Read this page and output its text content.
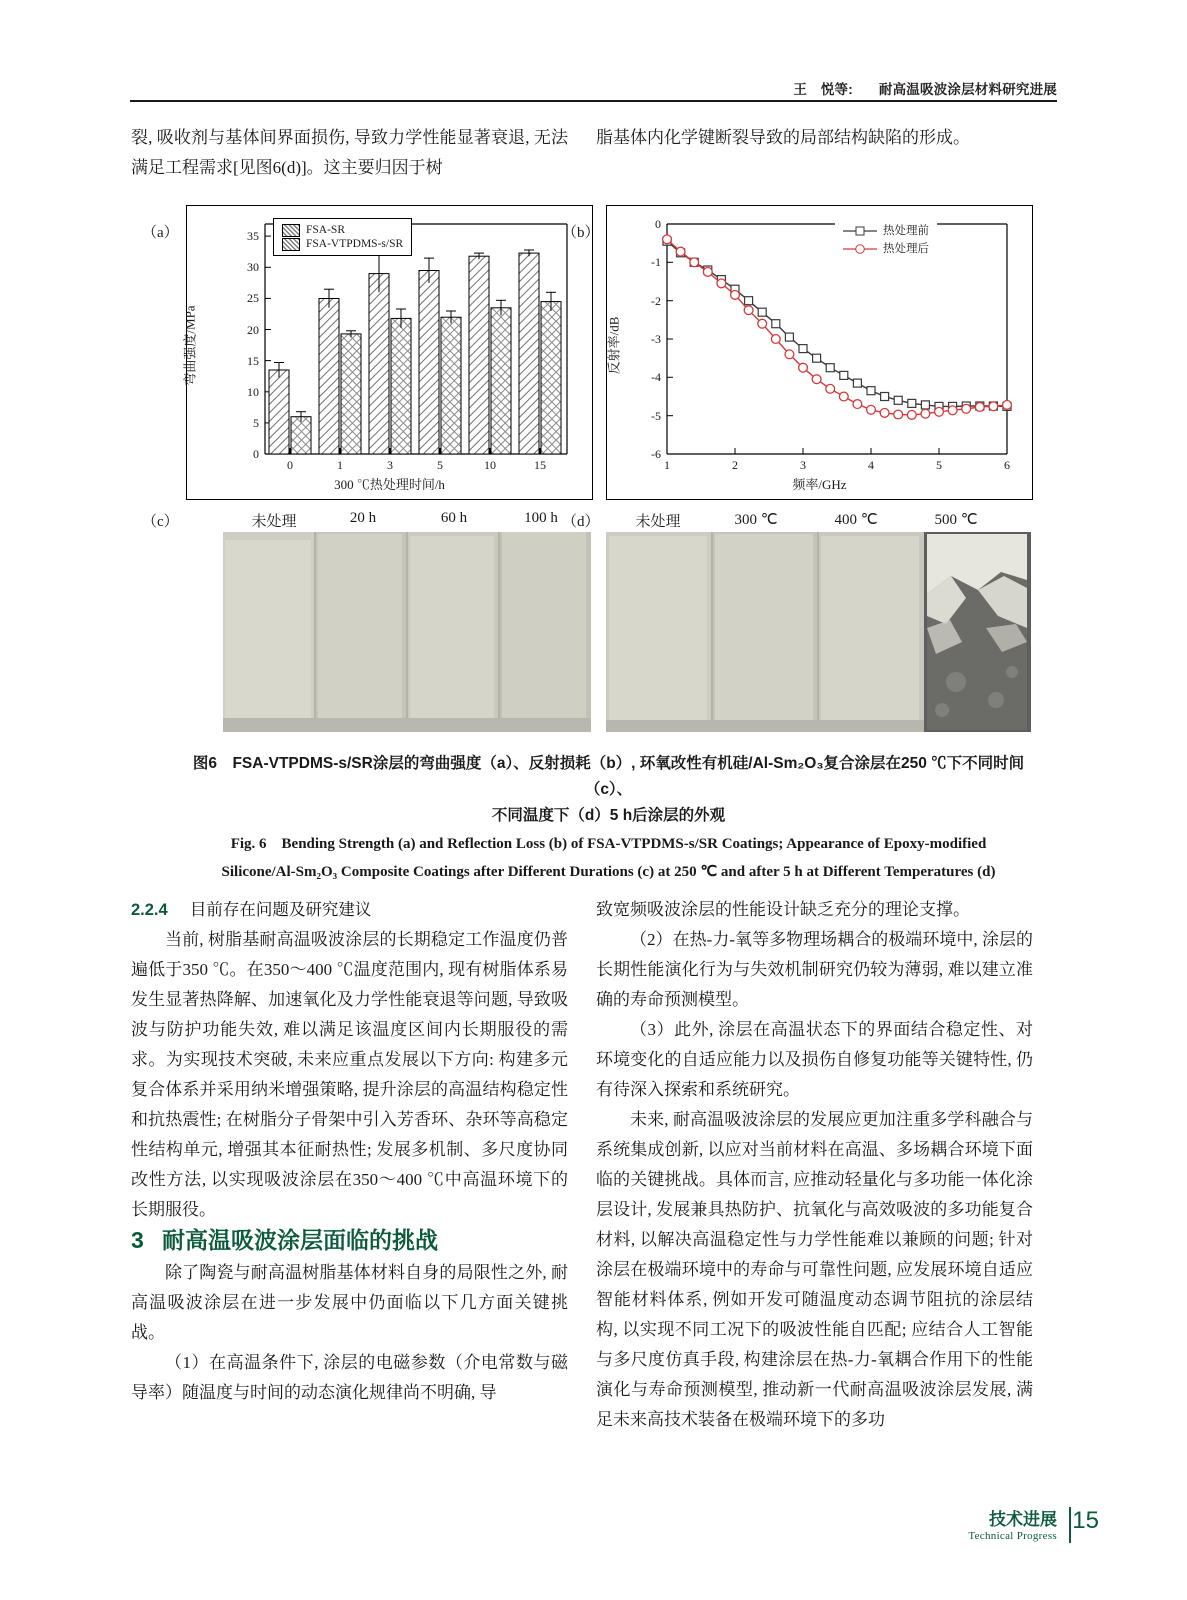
王　悦等: 耐高温吸波涂层材料研究进展

裂, 吸收剂与基体间界面损伤, 导致力学性能显著衰退, 无法满足工程需求[见图6(d)]。这主要归因于树

脂基体内化学键断裂导致的局部结构缺陷的形成。

（a）
弯曲强度/MPa
300 ℃热处理时间/h
0
5
10
15
20
25
30
35
0	1	3	5	10	15
FSA-SR
FSA-VTPDMS-s/SR
（b）
反射率/dB
频率/GHz
-6
-5
-4
-3
-2
-1
0
1	2	3	4	5	6
热处理前
热处理后
（c）	（d）
未处理	20 h	60 h	100 h	未处理	300 ℃	400 ℃	500 ℃
图6　FSA-VTPDMS-s/SR涂层的弯曲强度（a）、反射损耗（b）, 环氧改性有机硅/Al-Sm₂O₃复合涂层在250 ℃下不同时间（c）、
不同温度下（d）5 h后涂层的外观
Fig. 6　Bending Strength (a) and Reflection Loss (b) of FSA-VTPDMS-s/SR Coatings; Appearance of Epoxy-modified
Silicone/Al-Sm₂O₃ Composite Coatings after Different Durations (c) at 250 ℃ and after 5 h at Different Temperatures (d)

2.2.4 目前存在问题及研究建议

当前, 树脂基耐高温吸波涂层的长期稳定工作温度仍普遍低于350 ℃。在350～400 ℃温度范围内, 现有树脂体系易发生显著热降解、加速氧化及力学性能衰退等问题, 导致吸波与防护功能失效, 难以满足该温度区间内长期服役的需求。为实现技术突破, 未来应重点发展以下方向: 构建多元复合体系并采用纳米增强策略, 提升涂层的高温结构稳定性和抗热震性; 在树脂分子骨架中引入芳香环、杂环等高稳定性结构单元, 增强其本征耐热性; 发展多机制、多尺度协同改性方法, 以实现吸波涂层在350～400 ℃中高温环境下的长期服役。

3 耐高温吸波涂层面临的挑战

除了陶瓷与耐高温树脂基体材料自身的局限性之外, 耐高温吸波涂层在进一步发展中仍面临以下几方面关键挑战。

（1）在高温条件下, 涂层的电磁参数（介电常数与磁导率）随温度与时间的动态演化规律尚不明确, 导

致宽频吸波涂层的性能设计缺乏充分的理论支撑。

（2）在热-力-氧等多物理场耦合的极端环境中, 涂层的长期性能演化行为与失效机制研究仍较为薄弱, 难以建立准确的寿命预测模型。

（3）此外, 涂层在高温状态下的界面结合稳定性、对环境变化的自适应能力以及损伤自修复功能等关键特性, 仍有待深入探索和系统研究。

未来, 耐高温吸波涂层的发展应更加注重多学科融合与系统集成创新, 以应对当前材料在高温、多场耦合环境下面临的关键挑战。具体而言, 应推动轻量化与多功能一体化涂层设计, 发展兼具热防护、抗氧化与高效吸波的多功能复合材料, 以解决高温稳定性与力学性能难以兼顾的问题; 针对涂层在极端环境中的寿命与可靠性问题, 应发展环境自适应智能材料体系, 例如开发可随温度动态调节阻抗的涂层结构, 以实现不同工况下的吸波性能自匹配; 应结合人工智能与多尺度仿真手段, 构建涂层在热-力-氧耦合作用下的性能演化与寿命预测模型, 推动新一代耐高温吸波涂层发展, 满足未来高技术装备在极端环境下的多功

技术进展
Technical Progress
15
